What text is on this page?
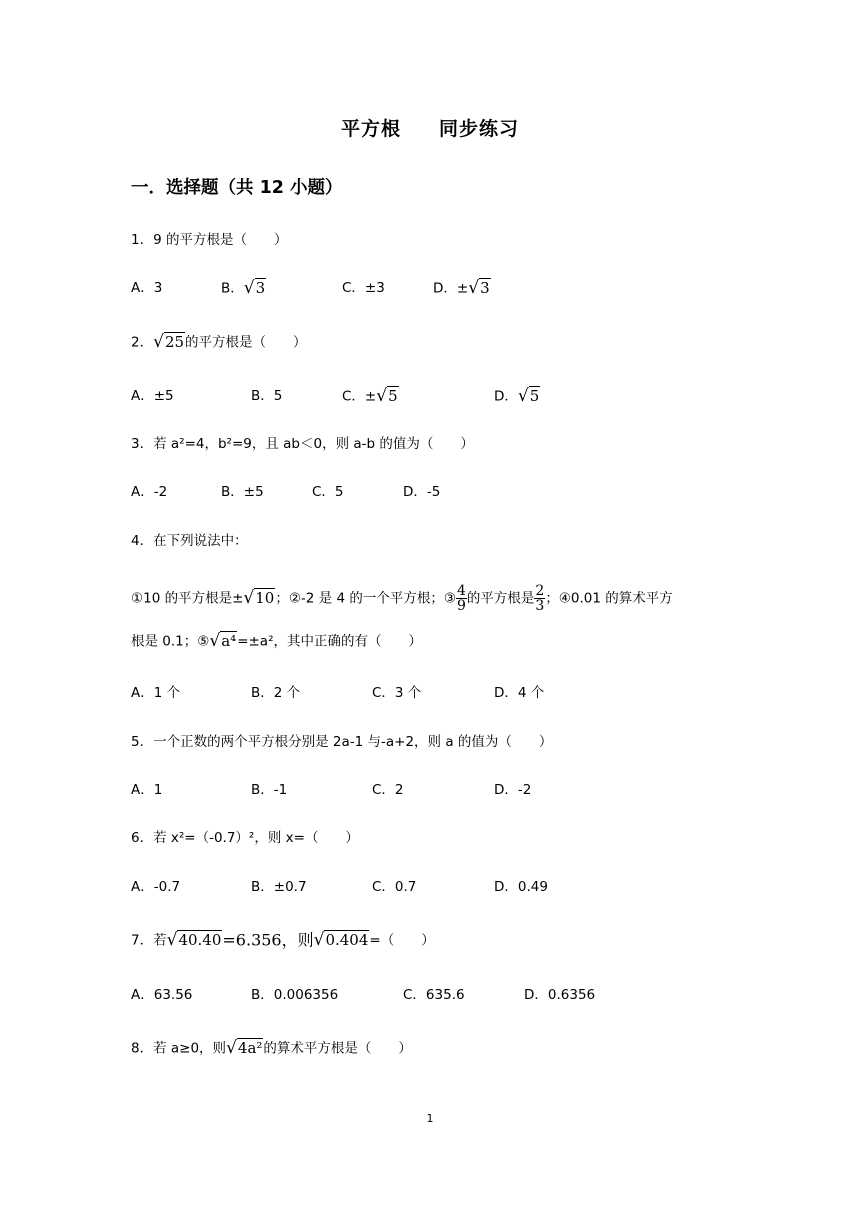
平方根 同步练习
一．选择题（共 12 小题）
1．9 的平方根是（　　）
A．3	B．√3	C．±3	D．±√3
2．√25的平方根是（　　）
A．±5	B．5	C．±√5	D．√5
3．若 a²=4，b²=9，且 ab＜0，则 a-b 的值为（　　）
A．-2	B．±5	C．5	D．-5
4．在下列说法中：
①10 的平方根是±√10；②-2 是 4 的一个平方根；③ $\frac{4}{9}$ 的平方根是 $\frac{2}{3}$ ；④0.01 的算术平方
根是 0.1；⑤√a⁴=±a²，其中正确的有（　　）
A．1 个	B．2 个	C．3 个	D．4 个
5．一个正数的两个平方根分别是 2a-1 与-a+2，则 a 的值为（　　）
A．1	B．-1	C．2	D．-2
6．若 x²=（-0.7）²，则 x=（　　）
A．-0.7	B．±0.7	C．0.7	D．0.49
7．若√40.40=6.356，则√0.404=（　　）
A．63.56	B．0.006356	C．635.6	D．0.6356
8．若 a≥0，则√4a²的算术平方根是（　　）
1
